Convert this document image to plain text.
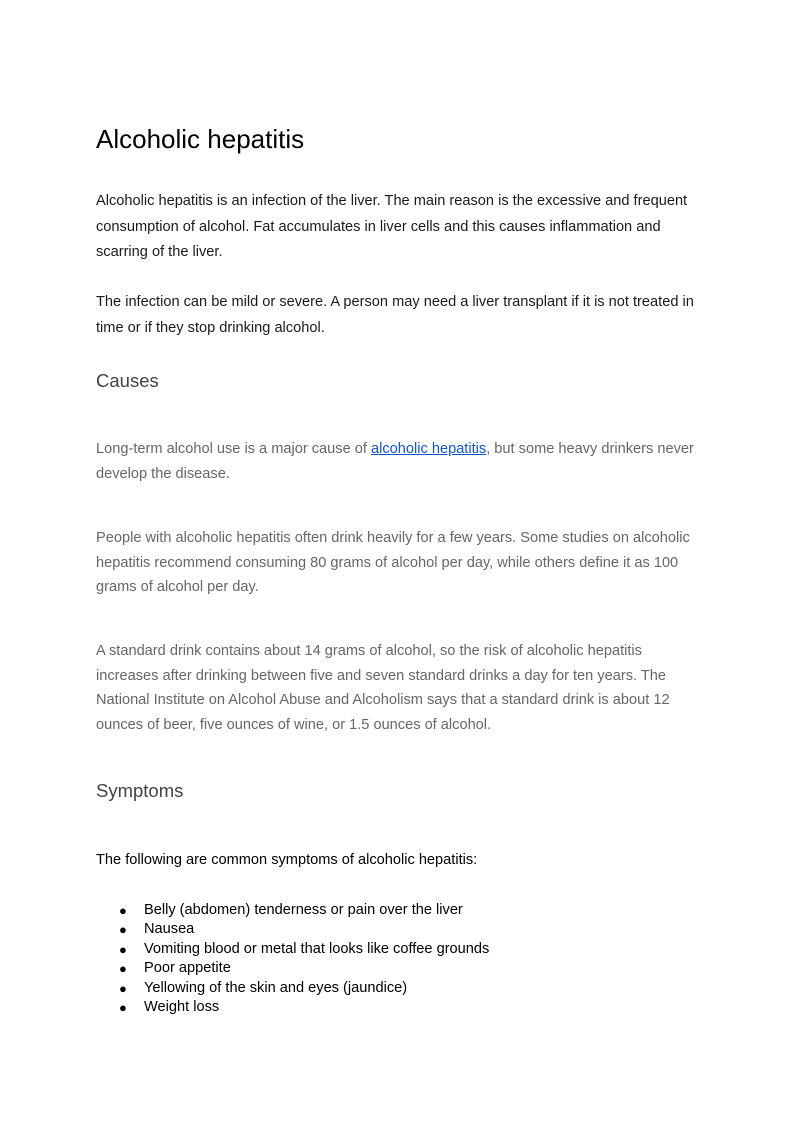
Alcoholic hepatitis

Alcoholic hepatitis is an infection of the liver. The main reason is the excessive and frequent consumption of alcohol. Fat accumulates in liver cells and this causes inflammation and scarring of the liver.

The infection can be mild or severe. A person may need a liver transplant if it is not treated in time or if they stop drinking alcohol.

Causes

Long-term alcohol use is a major cause of alcoholic hepatitis, but some heavy drinkers never develop the disease.

People with alcoholic hepatitis often drink heavily for a few years. Some studies on alcoholic hepatitis recommend consuming 80 grams of alcohol per day, while others define it as 100 grams of alcohol per day.

A standard drink contains about 14 grams of alcohol, so the risk of alcoholic hepatitis increases after drinking between five and seven standard drinks a day for ten years. The National Institute on Alcohol Abuse and Alcoholism says that a standard drink is about 12 ounces of beer, five ounces of wine, or 1.5 ounces of alcohol.

Symptoms

The following are common symptoms of alcoholic hepatitis:

● Belly (abdomen) tenderness or pain over the liver
● Nausea
● Vomiting blood or metal that looks like coffee grounds
● Poor appetite
● Yellowing of the skin and eyes (jaundice)
● Weight loss
